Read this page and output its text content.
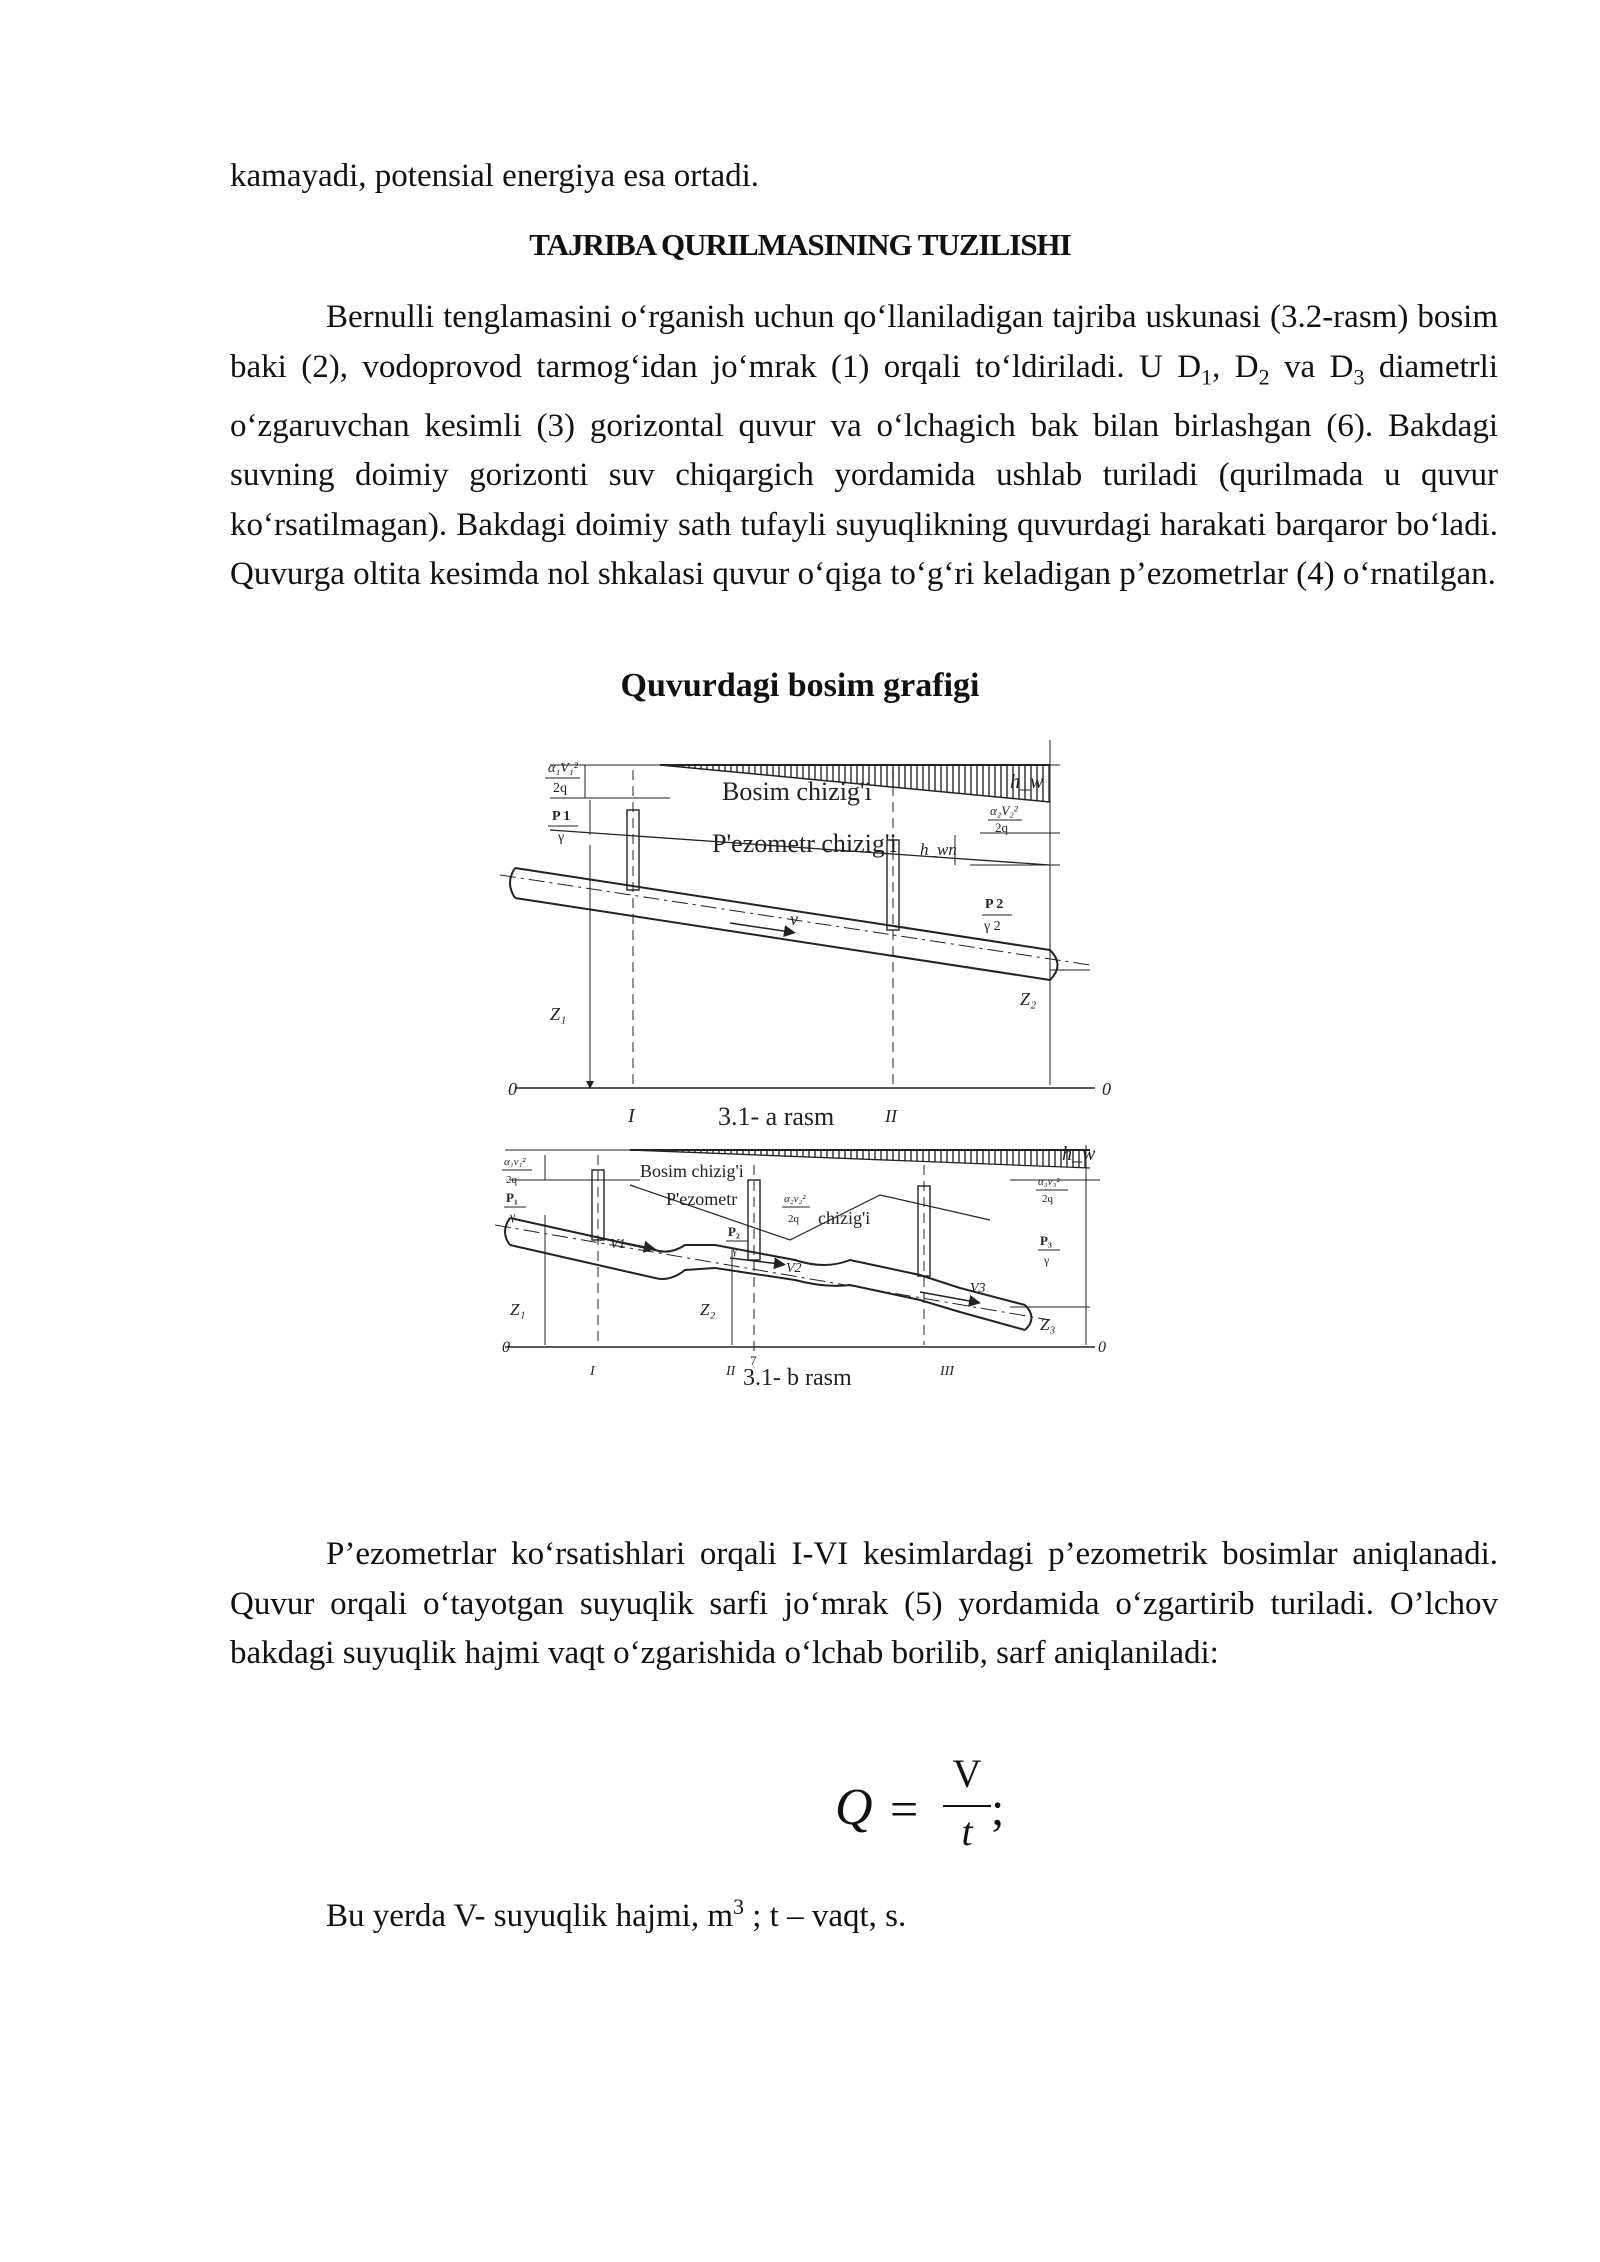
kamayadi, potensial energiya esa ortadi.

TAJRIBA QURILMASINING TUZILISHI

Bernulli tenglamasini o‘rganish uchun qo‘llaniladigan tajriba uskunasi (3.2-rasm) bosim baki (2), vodoprovod tarmog‘idan jo‘mrak (1) orqali to‘ldiriladi. U $D_1$, $D_2$ va $D_3$ diametrli o‘zgaruvchan kesimli (3) gorizontal quvur va o‘lchagich bak bilan birlashgan (6). Bakdagi suvning doimiy gorizonti suv chiqargich yordamida ushlab turiladi (qurilmada u quvur ko‘rsatilmagan). Bakdagi doimiy sath tufayli suyuqlikning quvurdagi harakati barqaror bo‘ladi. Quvurga oltita kesimda nol shkalasi quvur o‘qiga to‘g‘ri keladigan p’ezometrlar (4) o‘rnatilgan.

Quvurdagi bosim grafigi

α₁V₁²
2q
P 1
γ
Bosim chizig'i
P'ezometr chizig'i
Z₁
0	0
h_w
α₂V₂²
2q
h_wn
P 2
γ 2
Z₂
v
I	II
3.1- a rasm
Bosim chizig'i
P'ezometr
chizig'i
α₂v₂²
2q
α₁v₁²
2q
P₁
γ
P₂
γ
α₃v₃²
2q
P₃
γ
h_w
Z₁	Z₂
Z₃
V1
V2
V3
0	0
I	II	III
7
3.1- b rasm

P’ezometrlar ko‘rsatishlari orqali I-VI kesimlardagi p’ezometrik bosimlar aniqlanadi. Quvur orqali o‘tayotgan suyuqlik sarfi jo‘mrak (5) yordamida o‘zgartirib turiladi. O’lchov bakdagi suyuqlik hajmi vaqt o‘zgarishida o‘lchab borilib, sarf aniqlaniladi:

Q =
V
t ;

Bu yerda V- suyuqlik hajmi, $m^3$ ; t – vaqt, s.
